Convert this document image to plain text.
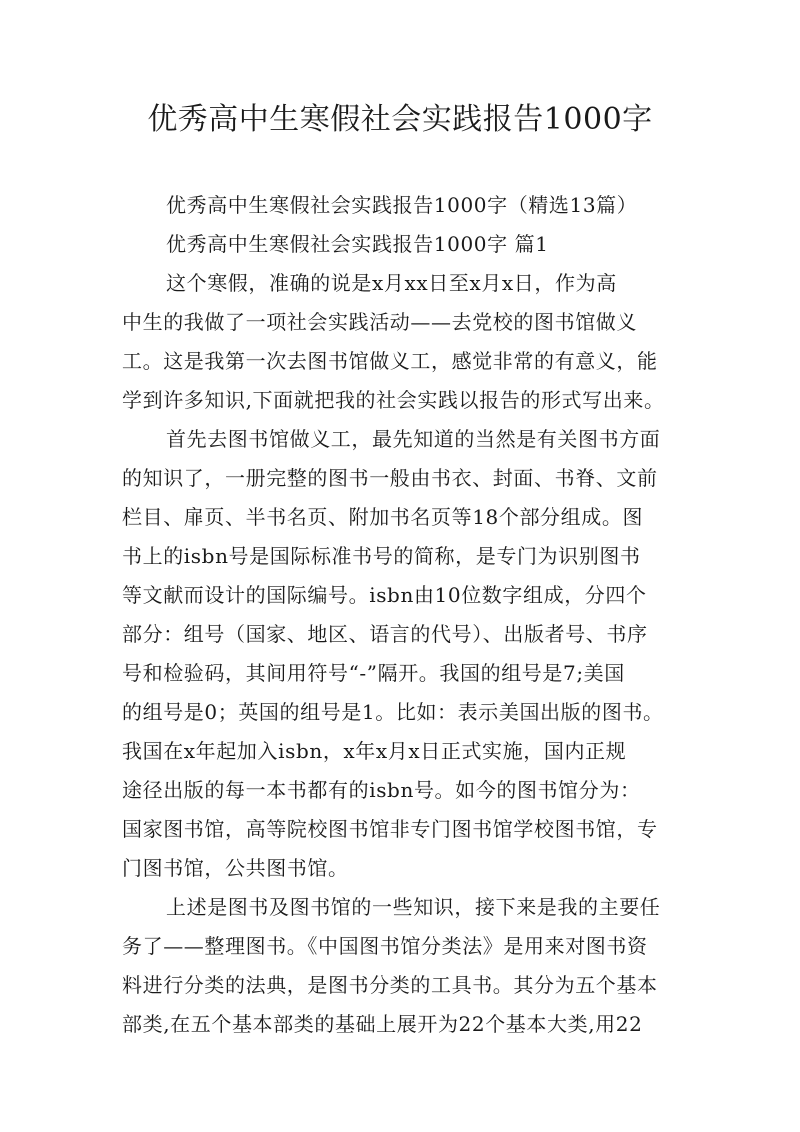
优秀高中生寒假社会实践报告1000字
优秀高中生寒假社会实践报告1000字（精选13篇）
优秀高中生寒假社会实践报告1000字 篇1
这个寒假，准确的说是x月xx日至x月x日，作为高
中生的我做了一项社会实践活动——去党校的图书馆做义
工。这是我第一次去图书馆做义工，感觉非常的有意义，能
学到许多知识,下面就把我的社会实践以报告的形式写出来。
首先去图书馆做义工，最先知道的当然是有关图书方面
的知识了，一册完整的图书一般由书衣、封面、书脊、文前
栏目、扉页、半书名页、附加书名页等18个部分组成。图
书上的isbn号是国际标准书号的简称，是专门为识别图书
等文献而设计的国际编号。isbn由10位数字组成，分四个
部分：组号（国家、地区、语言的代号）、出版者号、书序
号和检验码，其间用符号“-”隔开。我国的组号是7;美国
的组号是0；英国的组号是1。比如：表示美国出版的图书。
我国在x年起加入isbn，x年x月x日正式实施，国内正规
途径出版的每一本书都有的isbn号。如今的图书馆分为：
国家图书馆，高等院校图书馆非专门图书馆学校图书馆，专
门图书馆，公共图书馆。
上述是图书及图书馆的一些知识，接下来是我的主要任
务了——整理图书。《中国图书馆分类法》是用来对图书资
料进行分类的法典，是图书分类的工具书。其分为五个基本
部类,在五个基本部类的基础上展开为22个基本大类,用22
